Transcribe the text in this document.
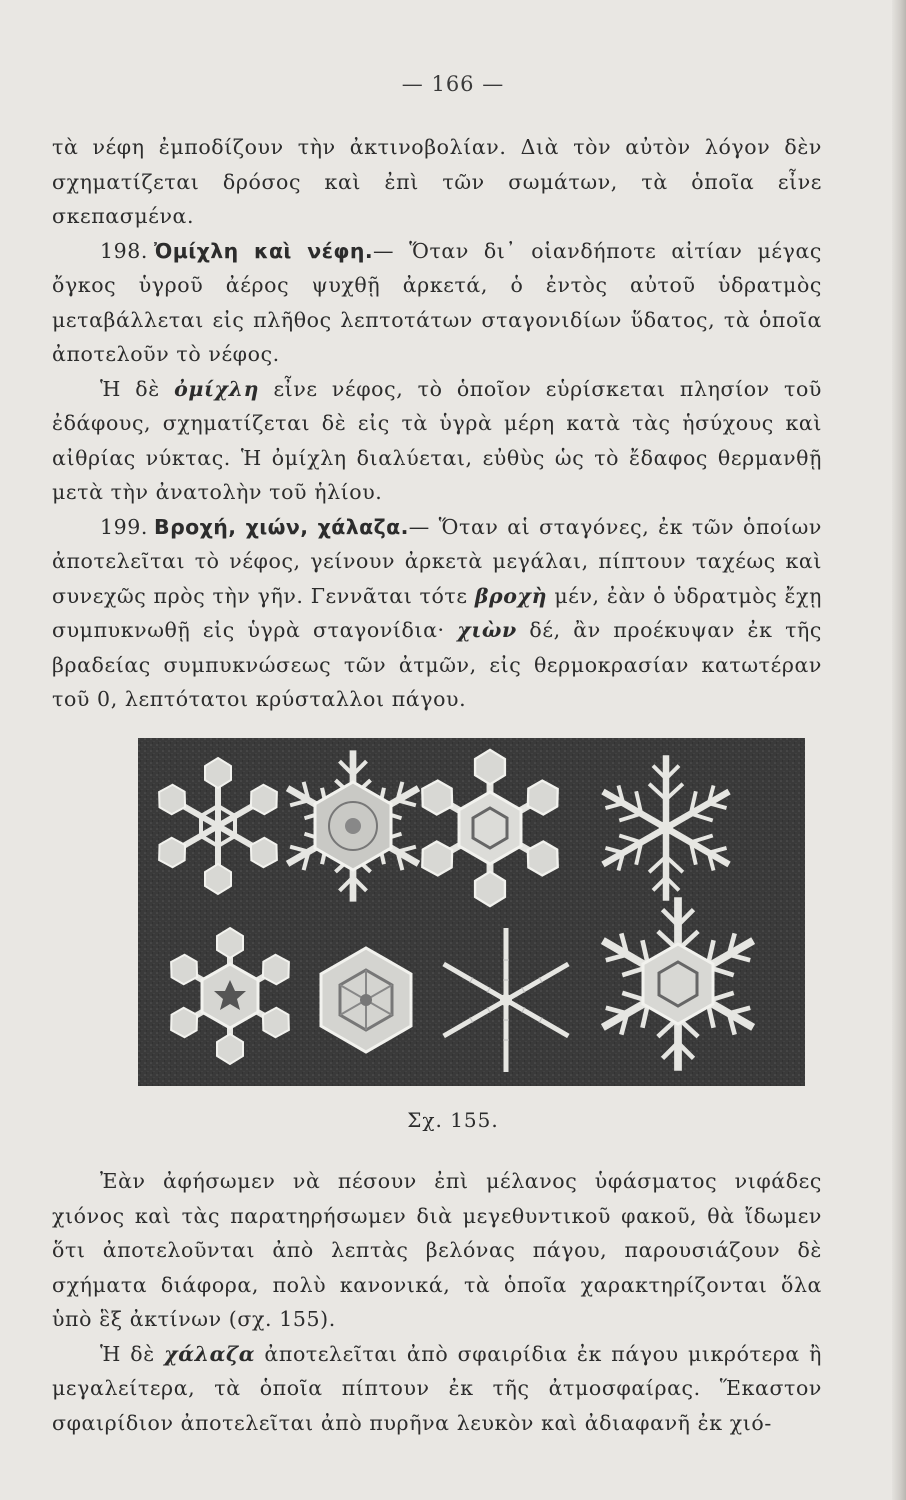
— 166 —

τὰ νέφη ἐμποδίζουν τὴν ἀκτινοβολίαν. Διὰ τὸν αὐτὸν λόγον δὲν σχηματίζεται δρόσος καὶ ἐπὶ τῶν σωμάτων, τὰ ὁποῖα εἶνε σκεπασμένα.

198. Ὀμίχλη καὶ νέφη.— Ὅταν δι᾽ οἱανδήποτε αἰτίαν μέγας ὄγκος ὑγροῦ ἀέρος ψυχθῇ ἀρκετά, ὁ ἐντὸς αὐτοῦ ὑδρατμὸς μεταβάλλεται εἰς πλῆθος λεπτοτάτων σταγονιδίων ὕδατος, τὰ ὁποῖα ἀποτελοῦν τὸ νέφος.

Ἡ δὲ ὀμίχλη εἶνε νέφος, τὸ ὁποῖον εὑρίσκεται πλησίον τοῦ ἐδάφους, σχηματίζεται δὲ εἰς τὰ ὑγρὰ μέρη κατὰ τὰς ἡσύχους καὶ αἰθρίας νύκτας. Ἡ ὀμίχλη διαλύεται, εὐθὺς ὡς τὸ ἔδαφος θερμανθῇ μετὰ τὴν ἀνατολὴν τοῦ ἡλίου.

199. Βροχή, χιών, χάλαζα.— Ὅταν αἱ σταγόνες, ἐκ τῶν ὁποίων ἀποτελεῖται τὸ νέφος, γείνουν ἀρκετὰ μεγάλαι, πίπτουν ταχέως καὶ συνεχῶς πρὸς τὴν γῆν. Γεννᾶται τότε βροχὴ μέν, ἐὰν ὁ ὑδρατμὸς ἔχῃ συμπυκνωθῇ εἰς ὑγρὰ σταγονίδια· χιὼν δέ, ἂν προέκυψαν ἐκ τῆς βραδείας συμπυκνώσεως τῶν ἀτμῶν, εἰς θερμοκρασίαν κατωτέραν τοῦ 0, λεπτότατοι κρύσταλλοι πάγου.

Σχ. 155.

Ἐὰν ἀφήσωμεν νὰ πέσουν ἐπὶ μέλανος ὑφάσματος νιφάδες χιόνος καὶ τὰς παρατηρήσωμεν διὰ μεγεθυντικοῦ φακοῦ, θὰ ἴδωμεν ὅτι ἀποτελοῦνται ἀπὸ λεπτὰς βελόνας πάγου, παρουσιάζουν δὲ σχήματα διάφορα, πολὺ κανονικά, τὰ ὁποῖα χαρακτηρίζονται ὅλα ὑπὸ ἓξ ἀκτίνων (σχ. 155).

Ἡ δὲ χάλαζα ἀποτελεῖται ἀπὸ σφαιρίδια ἐκ πάγου μικρότερα ἢ μεγαλείτερα, τὰ ὁποῖα πίπτουν ἐκ τῆς ἀτμοσφαίρας. Ἕκαστον σφαιρίδιον ἀποτελεῖται ἀπὸ πυρῆνα λευκὸν καὶ ἀδιαφανῆ ἐκ χιό-
